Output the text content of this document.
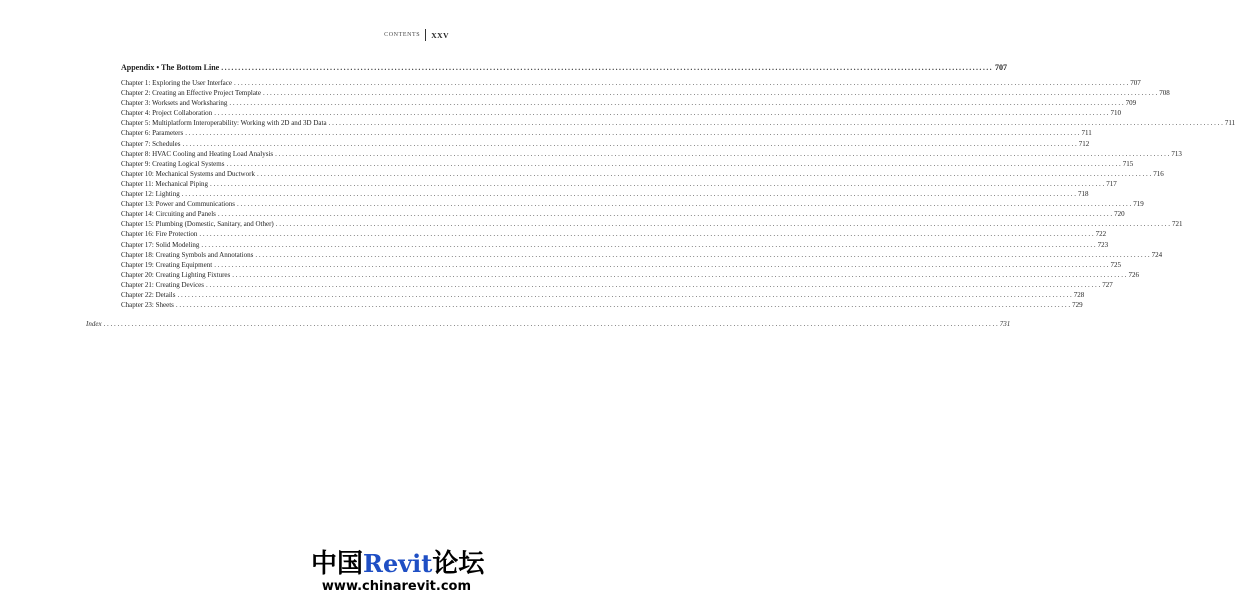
CONTENTS	XXV
Appendix • The Bottom Line .....	707
Chapter 1: Exploring the User Interface . . .	707
Chapter 2: Creating an Effective Project Template . . .	708
Chapter 3: Worksets and Worksharing . . .	709
Chapter 4: Project Collaboration . . .	710
Chapter 5: Multiplatform Interoperability: Working with 2D and 3D Data . . .	711
Chapter 6: Parameters . . .	711
Chapter 7: Schedules . . .	712
Chapter 8: HVAC Cooling and Heating Load Analysis . . .	713
Chapter 9: Creating Logical Systems . . .	715
Chapter 10: Mechanical Systems and Ductwork . . .	716
Chapter 11: Mechanical Piping . . .	717
Chapter 12: Lighting . . .	718
Chapter 13: Power and Communications . . .	719
Chapter 14: Circuiting and Panels . . .	720
Chapter 15: Plumbing (Domestic, Sanitary, and Other) . . .	721
Chapter 16: Fire Protection . . .	722
Chapter 17: Solid Modeling . . .	723
Chapter 18: Creating Symbols and Annotations . . .	724
Chapter 19: Creating Equipment . . .	725
Chapter 20: Creating Lighting Fixtures . . .	726
Chapter 21: Creating Devices . . .	727
Chapter 22: Details . . .	728
Chapter 23: Sheets . . .	729
Index . . .	731
中国Revit论坛
www.chinarevit.com
